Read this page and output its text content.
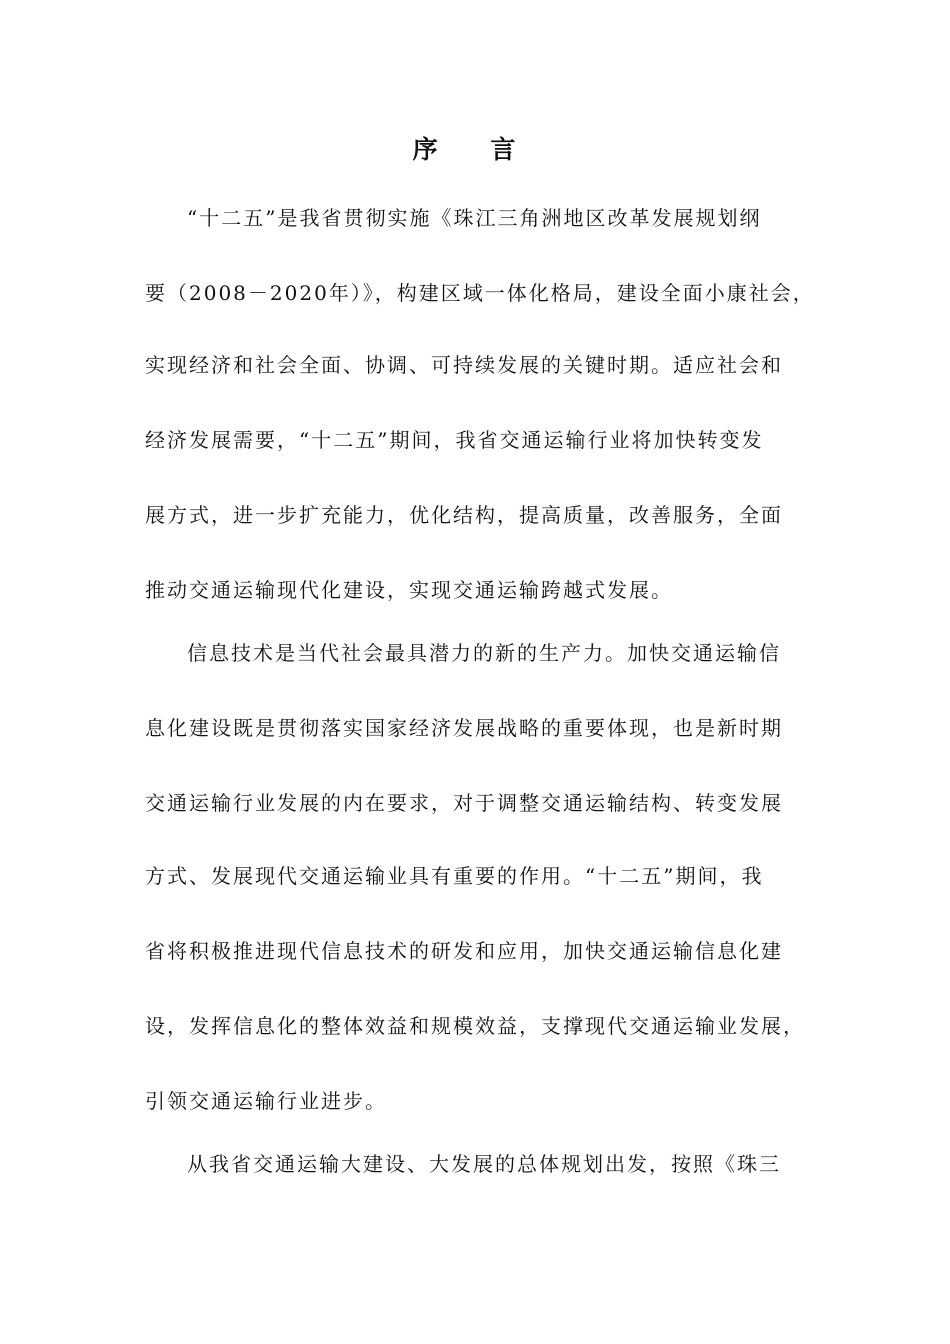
序 言
“十二五”是我省贯彻实施《珠江三角洲地区改革发展规划纲
要（2008－2020年）》，构建区域一体化格局，建设全面小康社会，
实现经济和社会全面、协调、可持续发展的关键时期。适应社会和
经济发展需要，“十二五”期间，我省交通运输行业将加快转变发
展方式，进一步扩充能力，优化结构，提高质量，改善服务，全面
推动交通运输现代化建设，实现交通运输跨越式发展。
信息技术是当代社会最具潜力的新的生产力。加快交通运输信
息化建设既是贯彻落实国家经济发展战略的重要体现，也是新时期
交通运输行业发展的内在要求，对于调整交通运输结构、转变发展
方式、发展现代交通运输业具有重要的作用。“十二五”期间，我
省将积极推进现代信息技术的研发和应用，加快交通运输信息化建
设，发挥信息化的整体效益和规模效益，支撑现代交通运输业发展，
引领交通运输行业进步。
从我省交通运输大建设、大发展的总体规划出发，按照《珠三
